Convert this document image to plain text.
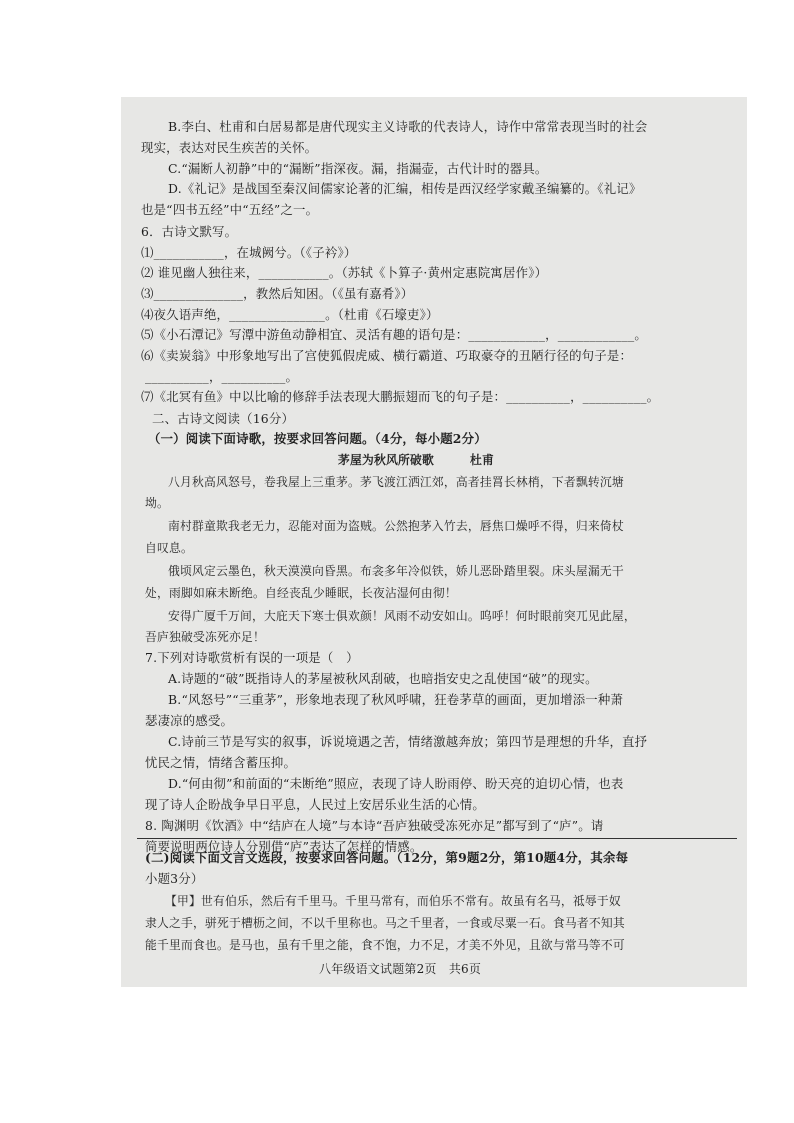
B.李白、杜甫和白居易都是唐代现实主义诗歌的代表诗人，诗作中常常表现当时的社会
现实，表达对民生疾苦的关怀。
C.“漏断人初静”中的“漏断”指深夜。漏，指漏壶，古代计时的器具。
D.《礼记》是战国至秦汉间儒家论著的汇编，相传是西汉经学家戴圣编纂的。《礼记》
也是“四书五经”中“五经”之一。
6．古诗文默写。
⑴___________，在城阙兮。（《子衿》）
⑵ 谁见幽人独往来，___________。（苏轼《卜算子·黄州定惠院寓居作》）
⑶______________，教然后知困。（《虽有嘉肴》）
⑷夜久语声绝，_______________。（杜甫《石壕吏》）
⑸《小石潭记》写潭中游鱼动静相宜、灵活有趣的语句是：____________，____________。
⑹《卖炭翁》中形象地写出了宫使狐假虎威、横行霸道、巧取豪夺的丑陋行径的句子是：
__________，__________。
⑺《北冥有鱼》中以比喻的修辞手法表现大鹏振翅而飞的句子是：__________，__________。
二、古诗文阅读（16分）
（一）阅读下面诗歌，按要求回答问题。（4分，每小题2分）
茅屋为秋风所破歌　　　杜甫
八月秋高风怒号，卷我屋上三重茅。茅飞渡江洒江郊，高者挂罥长林梢，下者飘转沉塘
坳。
南村群童欺我老无力，忍能对面为盗贼。公然抱茅入竹去，唇焦口燥呼不得，归来倚杖
自叹息。
俄顷风定云墨色，秋天漠漠向昏黑。布衾多年冷似铁，娇儿恶卧踏里裂。床头屋漏无干
处，雨脚如麻未断绝。自经丧乱少睡眠，长夜沾湿何由彻！
安得广厦千万间，大庇天下寒士俱欢颜！风雨不动安如山。呜呼！何时眼前突兀见此屋，
吾庐独破受冻死亦足！
7.下列对诗歌赏析有误的一项是（　）
A.诗题的“破”既指诗人的茅屋被秋风刮破，也暗指安史之乱使国“破”的现实。
B.“风怒号”“三重茅”，形象地表现了秋风呼啸，狂卷茅草的画面，更加增添一种萧
瑟凄凉的感受。
C.诗前三节是写实的叙事，诉说境遇之苦，情绪激越奔放；第四节是理想的升华，直抒
忧民之情，情绪含蓄压抑。
D.“何由彻”和前面的“未断绝”照应，表现了诗人盼雨停、盼天亮的迫切心情，也表
现了诗人企盼战争早日平息，人民过上安居乐业生活的心情。
8. 陶渊明《饮酒》中“结庐在人境”与本诗“吾庐独破受冻死亦足”都写到了“庐”。请
简要说明两位诗人分别借“庐”表达了怎样的情感。
(二)阅读下面文言文选段，按要求回答问题。（12分，第9题2分，第10题4分，其余每
小题3分）
【甲】世有伯乐，然后有千里马。千里马常有，而伯乐不常有。故虽有名马，祗辱于奴
隶人之手，骈死于槽枥之间，不以千里称也。马之千里者，一食或尽粟一石。食马者不知其
能千里而食也。是马也，虽有千里之能，食不饱，力不足，才美不外见，且欲与常马等不可
八年级语文试题第2页　共6页
